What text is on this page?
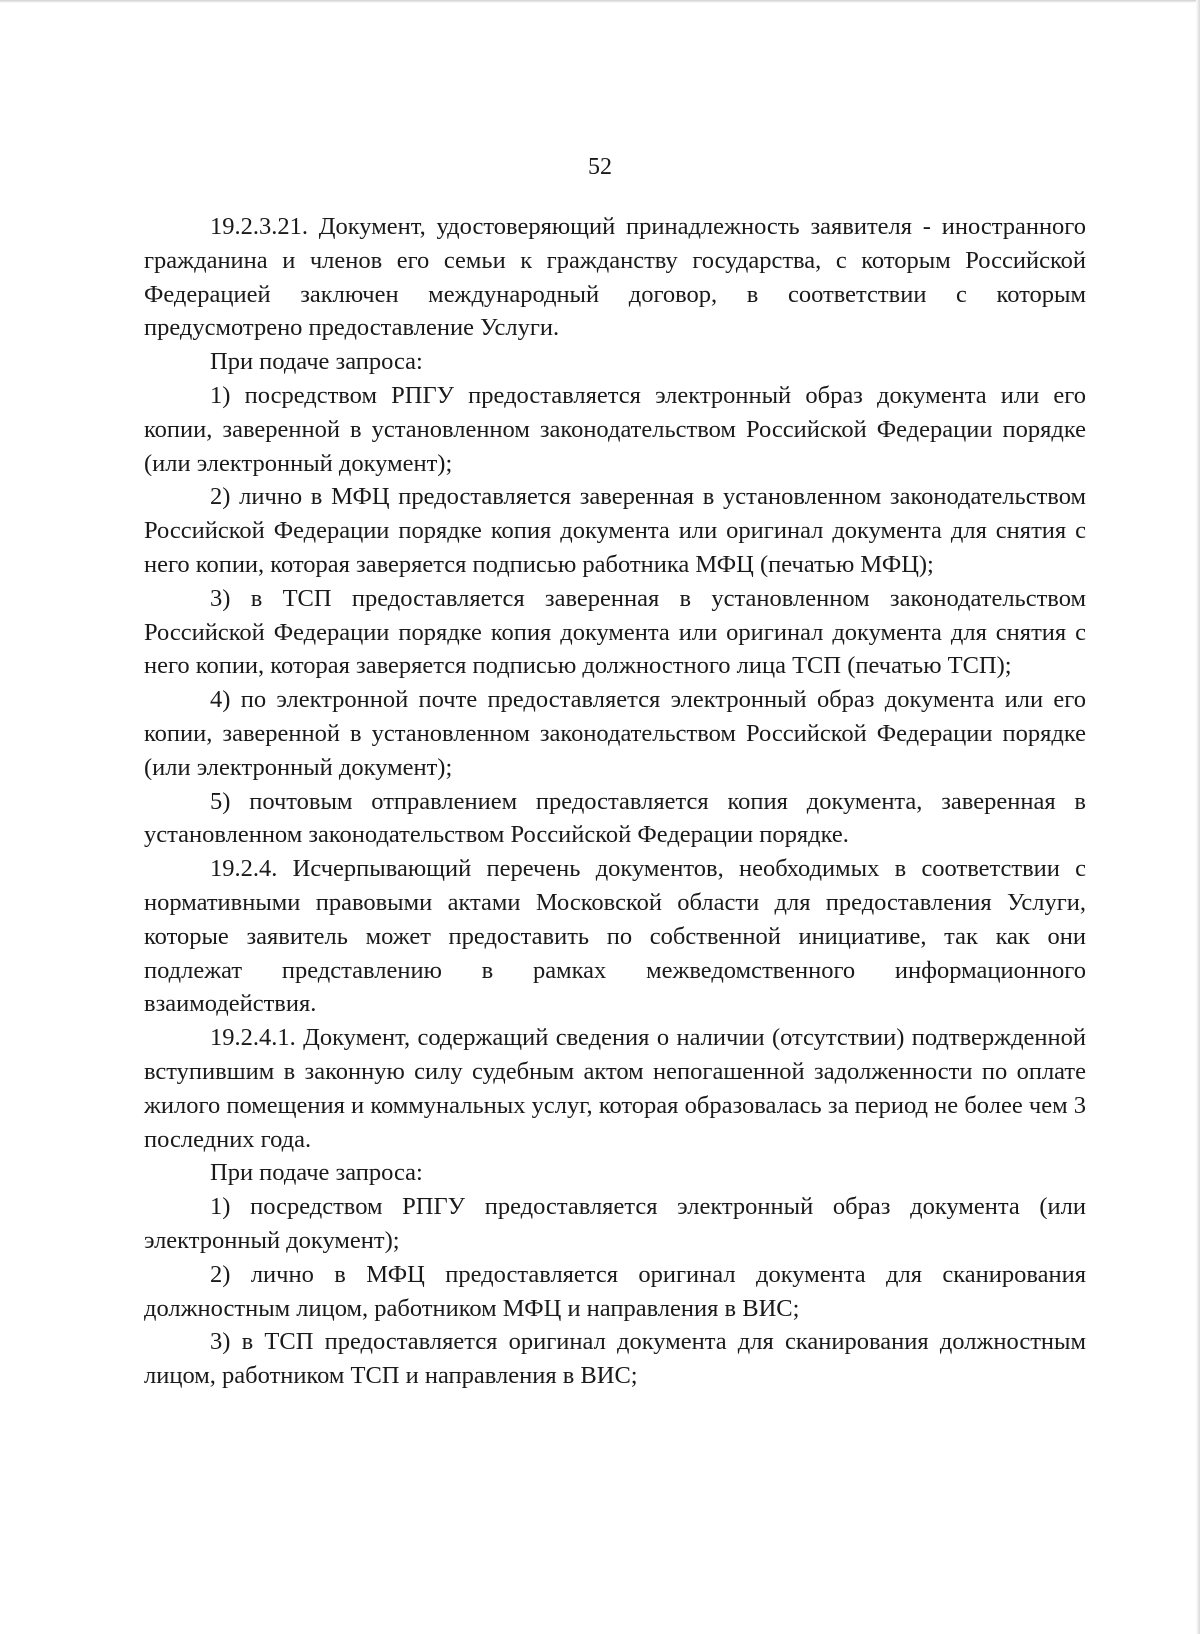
52

19.2.3.21. Документ, удостоверяющий принадлежность заявителя - иностранного гражданина и членов его семьи к гражданству государства, с которым Российской Федерацией заключен международный договор, в соответствии с которым предусмотрено предоставление Услуги.

При подаче запроса:

1) посредством РПГУ предоставляется электронный образ документа или его копии, заверенной в установленном законодательством Российской Федерации порядке (или электронный документ);

2) лично в МФЦ предоставляется заверенная в установленном законодательством Российской Федерации порядке копия документа или оригинал документа для снятия с него копии, которая заверяется подписью работника МФЦ (печатью МФЦ);

3) в ТСП предоставляется заверенная в установленном законодательством Российской Федерации порядке копия документа или оригинал документа для снятия с него копии, которая заверяется подписью должностного лица ТСП (печатью ТСП);

4) по электронной почте предоставляется электронный образ документа или его копии, заверенной в установленном законодательством Российской Федерации порядке (или электронный документ);

5) почтовым отправлением предоставляется копия документа, заверенная в установленном законодательством Российской Федерации порядке.

19.2.4. Исчерпывающий перечень документов, необходимых в соответствии с нормативными правовыми актами Московской области для предоставления Услуги, которые заявитель может предоставить по собственной инициативе, так как они подлежат представлению в рамках межведомственного информационного взаимодействия.

19.2.4.1. Документ, содержащий сведения о наличии (отсутствии) подтвержденной вступившим в законную силу судебным актом непогашенной задолженности по оплате жилого помещения и коммунальных услуг, которая образовалась за период не более чем 3 последних года.

При подаче запроса:

1) посредством РПГУ предоставляется электронный образ документа (или электронный документ);

2) лично в МФЦ предоставляется оригинал документа для сканирования должностным лицом, работником МФЦ и направления в ВИС;

3) в ТСП предоставляется оригинал документа для сканирования должностным лицом, работником ТСП и направления в ВИС;
